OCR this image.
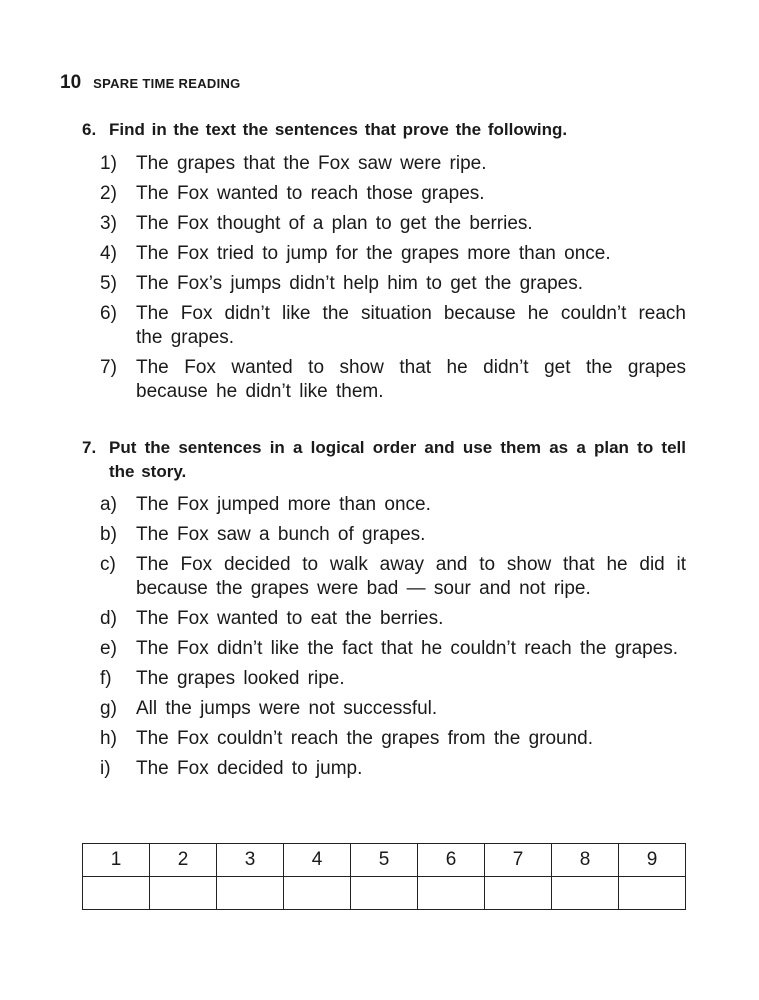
10 SPARE TIME READING
6. Find in the text the sentences that prove the following.
1)	The grapes that the Fox saw were ripe.
2)	The Fox wanted to reach those grapes.
3)	The Fox thought of a plan to get the berries.
4)	The Fox tried to jump for the grapes more than once.
5)	The Fox’s jumps didn’t help him to get the grapes.
6)	The Fox didn’t like the situation because he couldn’t reach the grapes.
7)	The Fox wanted to show that he didn’t get the grapes because he didn’t like them.
7. Put the sentences in a logical order and use them as a plan to tell the story.
a)	The Fox jumped more than once.
b)	The Fox saw a bunch of grapes.
c)	The Fox decided to walk away and to show that he did it because the grapes were bad — sour and not ripe.
d)	The Fox wanted to eat the berries.
e)	The Fox didn’t like the fact that he couldn’t reach the grapes.
f)	The grapes looked ripe.
g)	All the jumps were not successful.
h)	The Fox couldn’t reach the grapes from the ground.
i)	The Fox decided to jump.
1	2	3	4	5	6	7	8	9
